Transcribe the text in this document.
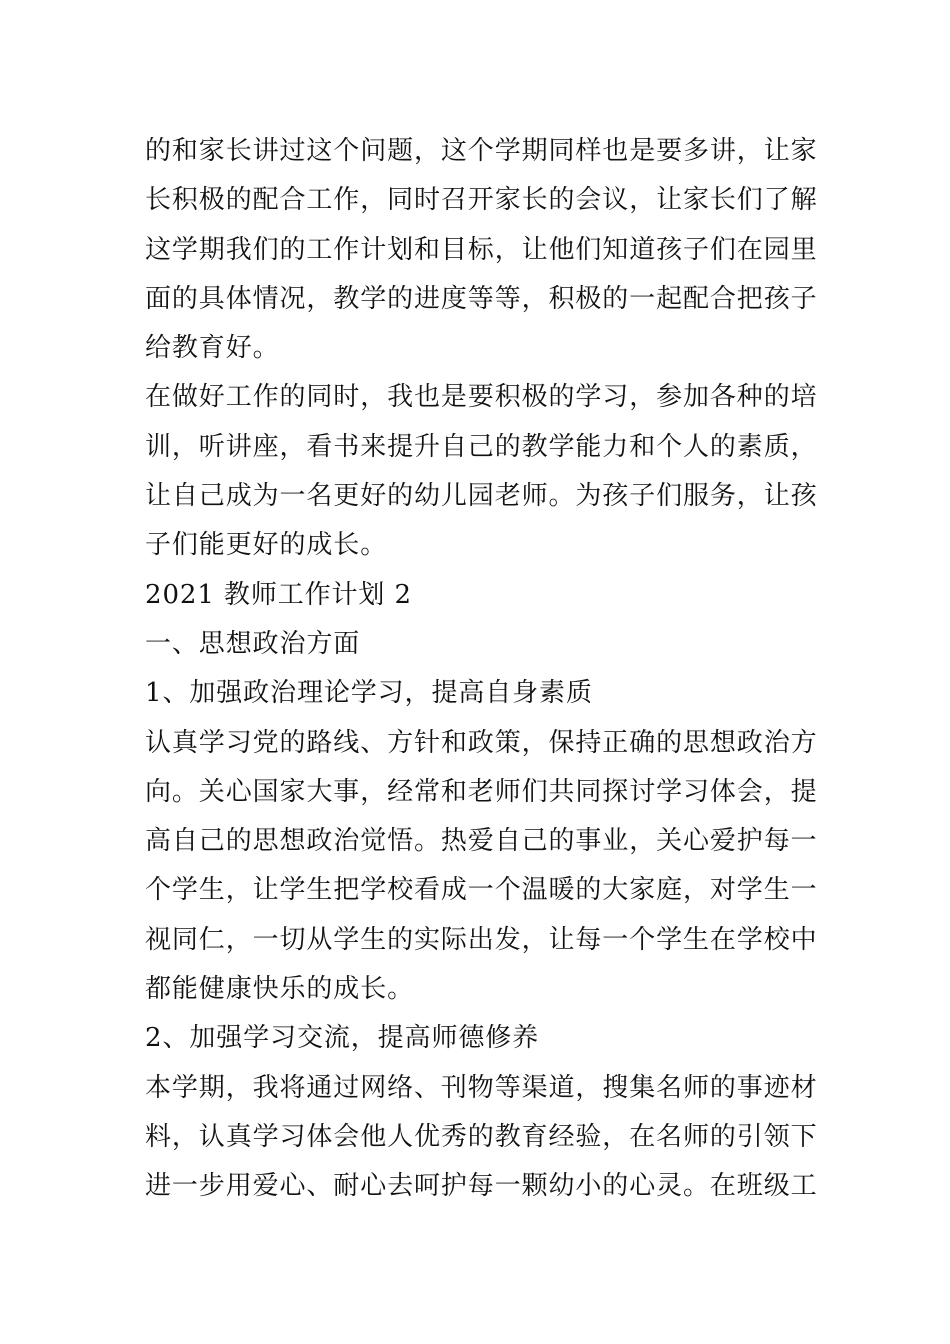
的和家长讲过这个问题，这个学期同样也是要多讲，让家
长积极的配合工作，同时召开家长的会议，让家长们了解
这学期我们的工作计划和目标，让他们知道孩子们在园里
面的具体情况，教学的进度等等，积极的一起配合把孩子
给教育好。
在做好工作的同时，我也是要积极的学习，参加各种的培
训，听讲座，看书来提升自己的教学能力和个人的素质，
让自己成为一名更好的幼儿园老师。为孩子们服务，让孩
子们能更好的成长。
2021 教师工作计划 2
一、思想政治方面
1、加强政治理论学习，提高自身素质
认真学习党的路线、方针和政策，保持正确的思想政治方
向。关心国家大事，经常和老师们共同探讨学习体会，提
高自己的思想政治觉悟。热爱自己的事业，关心爱护每一
个学生，让学生把学校看成一个温暖的大家庭，对学生一
视同仁，一切从学生的实际出发，让每一个学生在学校中
都能健康快乐的成长。
2、加强学习交流，提高师德修养
本学期，我将通过网络、刊物等渠道，搜集名师的事迹材
料，认真学习体会他人优秀的教育经验，在名师的引领下
进一步用爱心、耐心去呵护每一颗幼小的心灵。在班级工
